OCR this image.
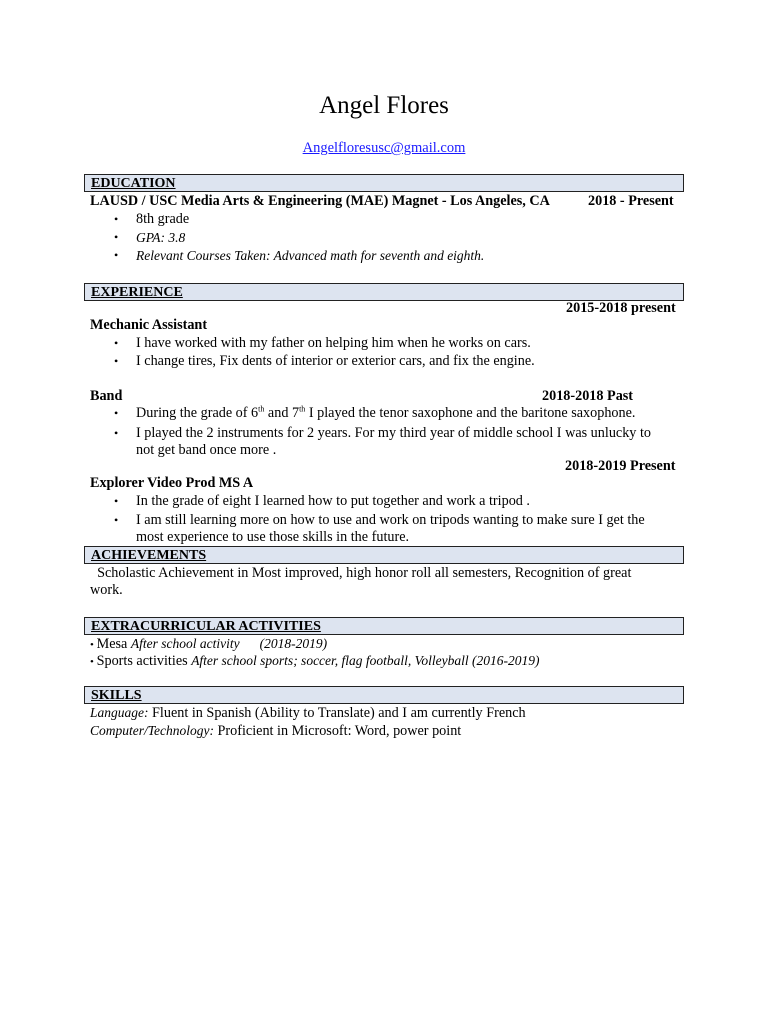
Angel Flores
Angelfloresusc@gmail.com
EDUCATION
LAUSD / USC Media Arts & Engineering (MAE) Magnet - Los Angeles, CA	2018 - Present
• 8th grade
• GPA: 3.8
• Relevant Courses Taken: Advanced math for seventh and eighth.
EXPERIENCE
2015-2018 present
Mechanic Assistant
• I have worked with my father on helping him when he works on cars.
• I change tires, Fix dents of interior or exterior cars, and fix the engine.
Band	2018-2018 Past
• During the grade of 6th and 7th I played the tenor saxophone and the baritone saxophone.
• I played the 2 instruments for 2 years. For my third year of middle school I was unlucky to
not get band once more .
2018-2019 Present
Explorer Video Prod MS A
• In the grade of eight I learned how to put together and work a tripod .
• I am still learning more on how to use and work on tripods wanting to make sure I get the
most experience to use those skills in the future.
ACHIEVEMENTS
Scholastic Achievement in Most improved, high honor roll all semesters, Recognition of great
work.
EXTRACURRICULAR ACTIVITIES
• Mesa After school activity (2018-2019)
• Sports activities After school sports; soccer, flag football, Volleyball (2016-2019)
SKILLS
Language: Fluent in Spanish (Ability to Translate) and I am currently French
Computer/Technology: Proficient in Microsoft: Word, power point
